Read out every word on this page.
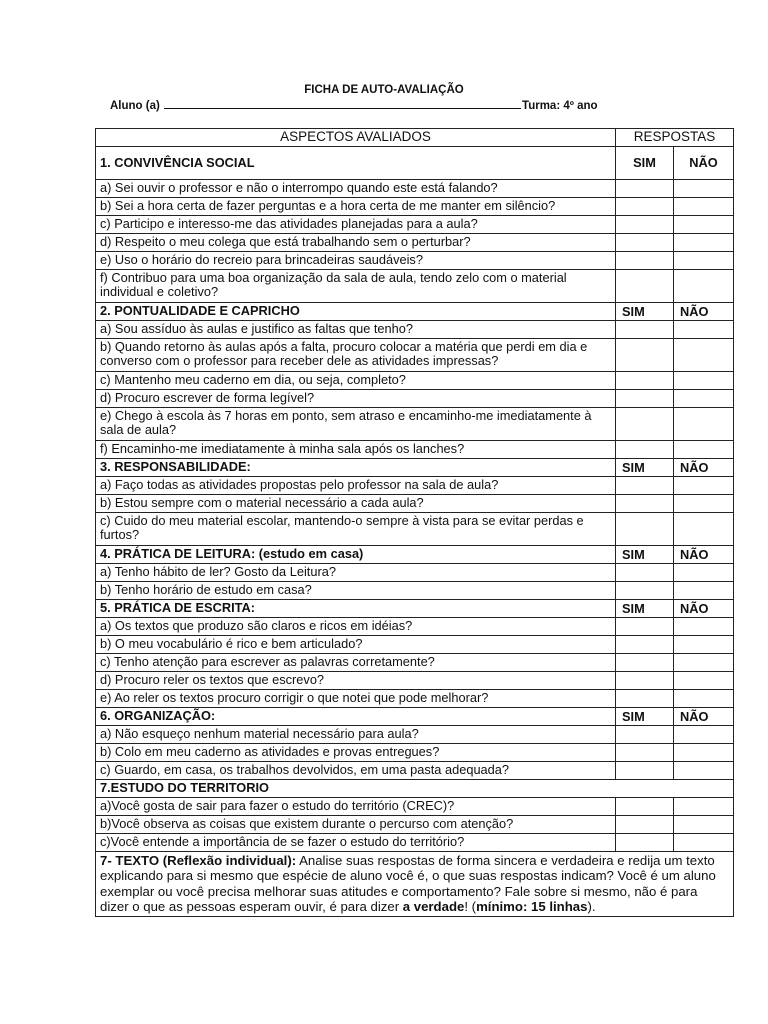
FICHA DE AUTO-AVALIAÇÃO
Aluno (a)	Turma: 4º ano
ASPECTOS AVALIADOS	RESPOSTAS	
1. CONVIVÊNCIA SOCIAL	SIM	NÃO
a) Sei ouvir o professor e não o interrompo quando este está falando?		
b) Sei a hora certa de fazer perguntas e a hora certa de me manter em silêncio?		
c) Participo e interesso-me das atividades planejadas para a aula?		
d) Respeito o meu colega que está trabalhando sem o perturbar?		
e) Uso o horário do recreio para brincadeiras saudáveis?		
f) Contribuo para uma boa organização da sala de aula, tendo zelo com o material individual e coletivo?		
2. PONTUALIDADE E CAPRICHO	SIM	NÃO
a) Sou assíduo às aulas e justifico as faltas que tenho?		
b) Quando retorno às aulas após a falta, procuro colocar a matéria que perdi em dia e converso com o professor para receber dele as atividades impressas?		
c) Mantenho meu caderno em dia, ou seja, completo?		
d) Procuro escrever de forma legível?		
e) Chego à escola às 7 horas em ponto, sem atraso e encaminho-me imediatamente à sala de aula?		
f) Encaminho-me imediatamente à minha sala após os lanches?		
3. RESPONSABILIDADE:	SIM	NÃO
a) Faço todas as atividades propostas pelo professor na sala de aula?		
b) Estou sempre com o material necessário a cada aula?		
c) Cuido do meu material escolar, mantendo-o sempre à vista para se evitar perdas e furtos?		
4. PRÁTICA DE LEITURA: (estudo em casa)	SIM	NÃO
a) Tenho hábito de ler? Gosto da Leitura?		
b) Tenho horário de estudo em casa?		
5. PRÁTICA DE ESCRITA:	SIM	NÃO
a) Os textos que produzo são claros e ricos em idéias?		
b) O meu vocabulário é rico e bem articulado?		
c) Tenho atenção para escrever as palavras corretamente?		
d) Procuro reler os textos que escrevo?		
e) Ao reler os textos procuro corrigir o que notei que pode melhorar?		
6. ORGANIZAÇÃO:	SIM	NÃO
a) Não esqueço nenhum material necessário para aula?		
b) Colo em meu caderno as atividades e provas entregues?		
c) Guardo, em casa, os trabalhos devolvidos, em uma pasta adequada?		
7.ESTUDO DO TERRITORIO		
a)Você gosta de sair para fazer o estudo do território (CREC)?		
b)Você observa as coisas que existem durante o percurso com atenção?		
c)Você entende a importância de se fazer o estudo do território?		
7- TEXTO (Reflexão individual): Analise suas respostas de forma sincera e verdadeira e redija um texto explicando para si mesmo que espécie de aluno você é, o que suas respostas indicam? Você é um aluno exemplar ou você precisa melhorar suas atitudes e comportamento? Fale sobre si mesmo, não é para dizer o que as pessoas esperam ouvir, é para dizer a verdade! (mínimo: 15 linhas).		
